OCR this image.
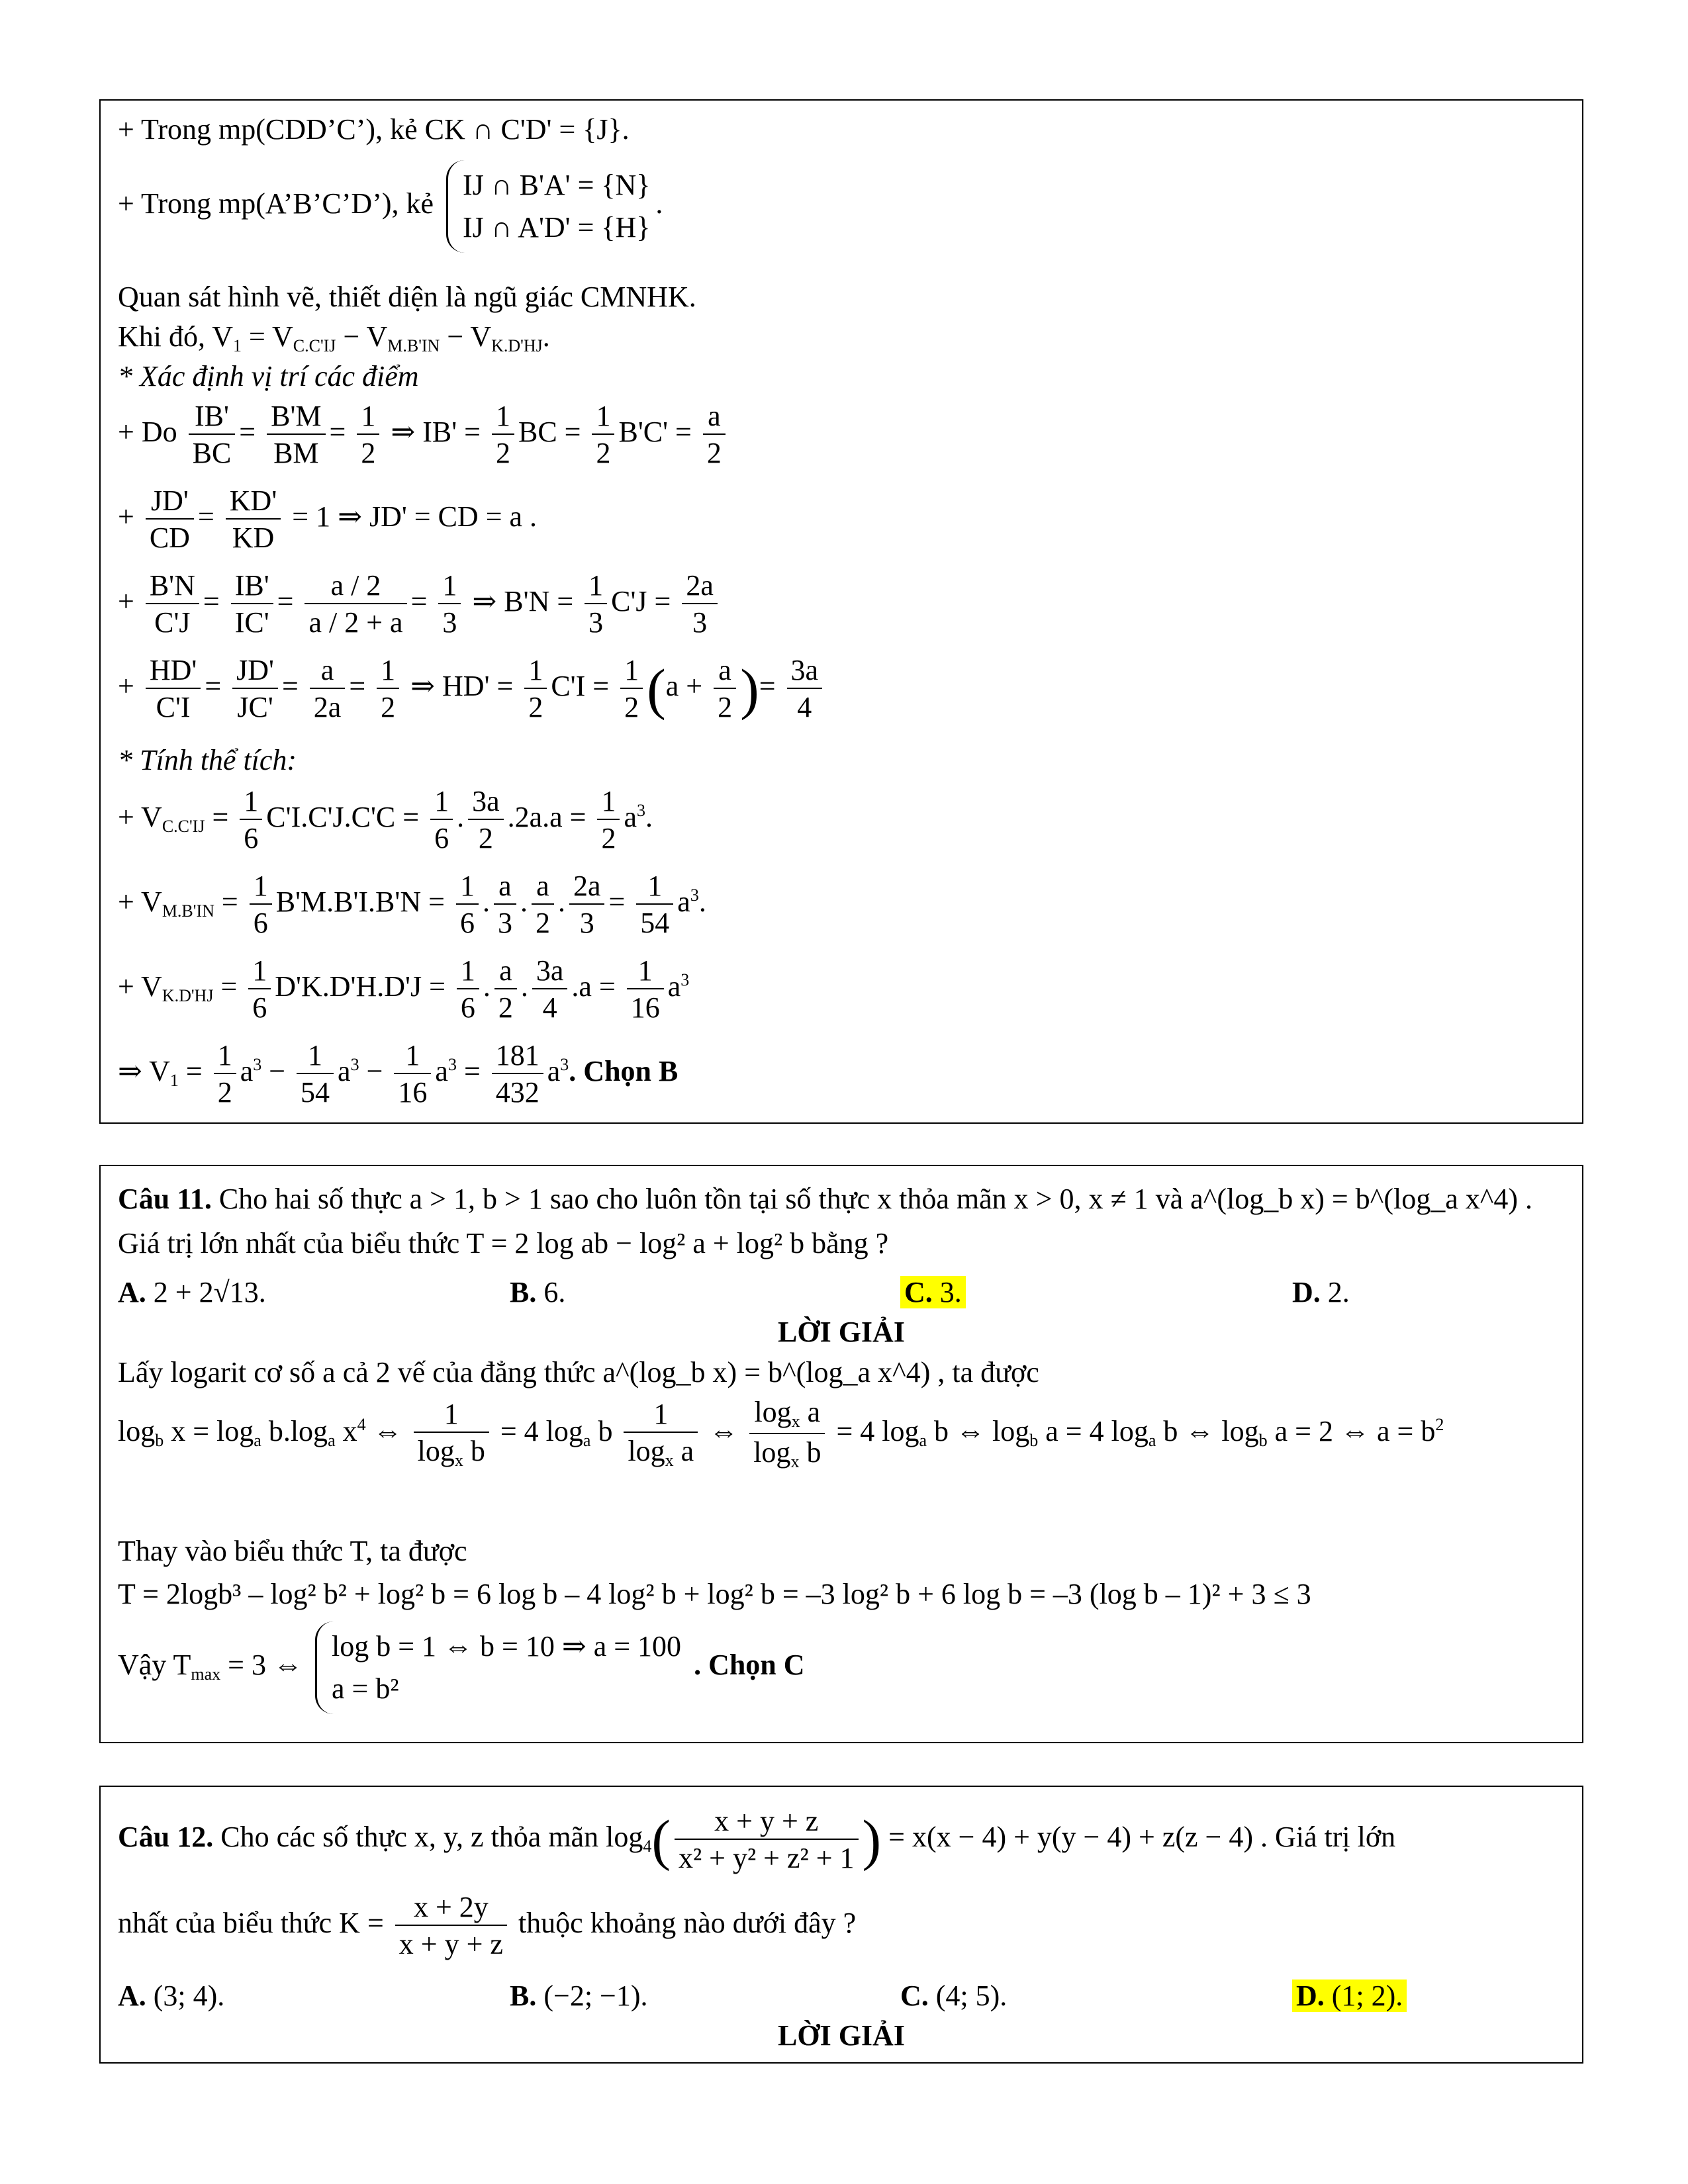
+ Trong mp(CDD’C’), kẻ CK ∩ C'D' = {J}.
+ Trong mp(A’B’C’D’), kẻ
IJ ∩ B'A' = {N}
IJ ∩ A'D' = {H}
.
Quan sát hình vẽ, thiết diện là ngũ giác CMNHK.
Khi đó, $V_1 = V_{C.C'IJ} - V_{M.B'IN} - V_{K.D'HJ}$.
* Xác định vị trí các điểm
+ Do $\frac{IB'}{BC} = \frac{B'M}{BM} = \frac{1}{2}$ ⇒ $IB' = \frac{1}{2}$ BC = $\frac{1}{2} B'C' = \frac{a}{2}$
+ $\frac{JD'}{CD} = \frac{KD'}{KD} = 1$ ⇒ JD' = CD = a .
+ $\frac{B'N}{C'J} = \frac{IB'}{IC'} = \frac{a / 2}{a / 2 + a} = \frac{1}{3}$ ⇒ $B'N = \frac{1}{3} C'J = \frac{2a}{3}$
+ $\frac{HD'}{C'I} = \frac{JD'}{JC'} = \frac{a}{2a} = \frac{1}{2}$ ⇒ $HD' = \frac{1}{2} C'I = \frac{1}{2} (a + \frac{a}{2}$ )= $\frac{3a}{4}$
* Tính thể tích:
+ $V_{C.C'IJ} = \frac{1}{6} C'I.C'J.C'C = \frac{1}{6}$ . $\frac{3a}{2} .2a.a = \frac{1}{2} a^3$.
+ $V_{M.B'IN} = \frac{1}{6} B'M.B'I.B'N = \frac{1}{6}$ . $\frac{a}{3}$ . $\frac{a}{2}$ . $\frac{2a}{3} = \frac{1}{54} a^3$.
+ $V_{K.D'HJ} = \frac{1}{6} D'K.D'H.D'J = \frac{1}{6}$ . $\frac{a}{2}$ . $\frac{3a}{4} .a = \frac{1}{16} a^3$
⇒ $V_1 = \frac{1}{2} a^3 - \frac{1}{54} a^3 - \frac{1}{16} a^3 = \frac{181}{432} a^3$. Chọn B
Câu 11. Cho hai số thực a > 1, b > 1 sao cho luôn tồn tại số thực x thỏa mãn x > 0, x ≠ 1 và a^(log_b x) = b^(log_a x^4) .
Giá trị lớn nhất của biểu thức T = 2 log ab − log² a + log² b bằng ?
A. 2 + 2√13.	B. 6.	C. 3.	D. 2.
LỜI GIẢI
Lấy logarit cơ số a cả 2 vế của đẳng thức a^(log_b x) = b^(log_a x^4) , ta được
$\log_b x = \log_a b.\log_a$ $x^4$ ⇔ $\frac{1}{\log_x b} = 4$ $\log_a b \frac{1}{\log_x a}$ ⇔ $\frac{\log_x a}{\log_x b} = 4$ $\log_a b$ ⇔ $\log_b a = 4$ $\log_a b$ ⇔ $\log_b a = 2$ ⇔ $a = b^2$
Thay vào biểu thức T, ta được
T = 2logb³ – log² b² + log² b = 6 log b – 4 log² b + log² b = –3 log² b + 6 log b = –3 (log b – 1)² + 3 ≤ 3
Vậy $T_{max} = 3$ ⇔
log b = 1 ⇔ b = 10 ⇒ a = 100
a = b²
. Chọn C
Câu 12. Cho các số thực x, y, z thỏa mãn $\log_4( \frac{x + y + z}{\text{x² + y² + z² + 1}}$ ) = x(x − 4) + y(y − 4) + z(z − 4) . Giá trị lớn
nhất của biểu thức $K = \frac{x + 2y}{x + y + z}$ thuộc khoảng nào dưới đây ?
A. (3; 4).	B. (−2; −1).	C. (4; 5).	D. (1; 2).
LỜI GIẢI
